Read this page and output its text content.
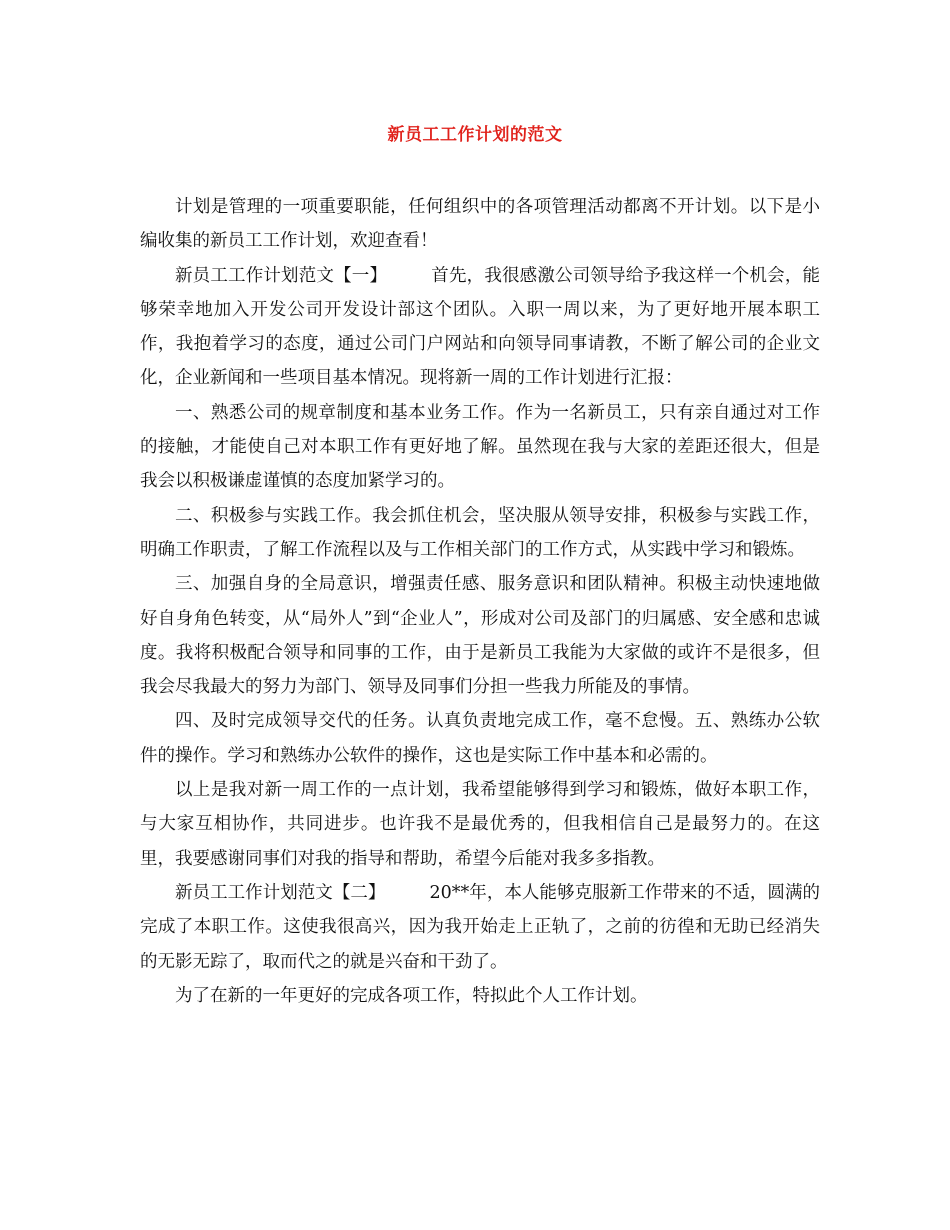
新员工工作计划的范文

计划是管理的一项重要职能，任何组织中的各项管理活动都离不开计划。以下是小编收集的新员工工作计划，欢迎查看！

新员工工作计划范文【一】	首先，我很感激公司领导给予我这样一个机会，能够荣幸地加入开发公司开发设计部这个团队。入职一周以来，为了更好地开展本职工作，我抱着学习的态度，通过公司门户网站和向领导同事请教，不断了解公司的企业文化，企业新闻和一些项目基本情况。现将新一周的工作计划进行汇报：

一、熟悉公司的规章制度和基本业务工作。作为一名新员工，只有亲自通过对工作的接触，才能使自己对本职工作有更好地了解。虽然现在我与大家的差距还很大，但是我会以积极谦虚谨慎的态度加紧学习的。

二、积极参与实践工作。我会抓住机会，坚决服从领导安排，积极参与实践工作，明确工作职责，了解工作流程以及与工作相关部门的工作方式，从实践中学习和锻炼。

三、加强自身的全局意识，增强责任感、服务意识和团队精神。积极主动快速地做好自身角色转变，从“局外人”到“企业人”，形成对公司及部门的归属感、安全感和忠诚度。我将积极配合领导和同事的工作，由于是新员工我能为大家做的或许不是很多，但我会尽我最大的努力为部门、领导及同事们分担一些我力所能及的事情。

四、及时完成领导交代的任务。认真负责地完成工作，毫不怠慢。五、熟练办公软件的操作。学习和熟练办公软件的操作，这也是实际工作中基本和必需的。

以上是我对新一周工作的一点计划，我希望能够得到学习和锻炼，做好本职工作，与大家互相协作，共同进步。也许我不是最优秀的，但我相信自己是最努力的。在这里，我要感谢同事们对我的指导和帮助，希望今后能对我多多指教。

新员工工作计划范文【二】	20**年，本人能够克服新工作带来的不适，圆满的完成了本职工作。这使我很高兴，因为我开始走上正轨了，之前的彷徨和无助已经消失的无影无踪了，取而代之的就是兴奋和干劲了。

为了在新的一年更好的完成各项工作，特拟此个人工作计划。
